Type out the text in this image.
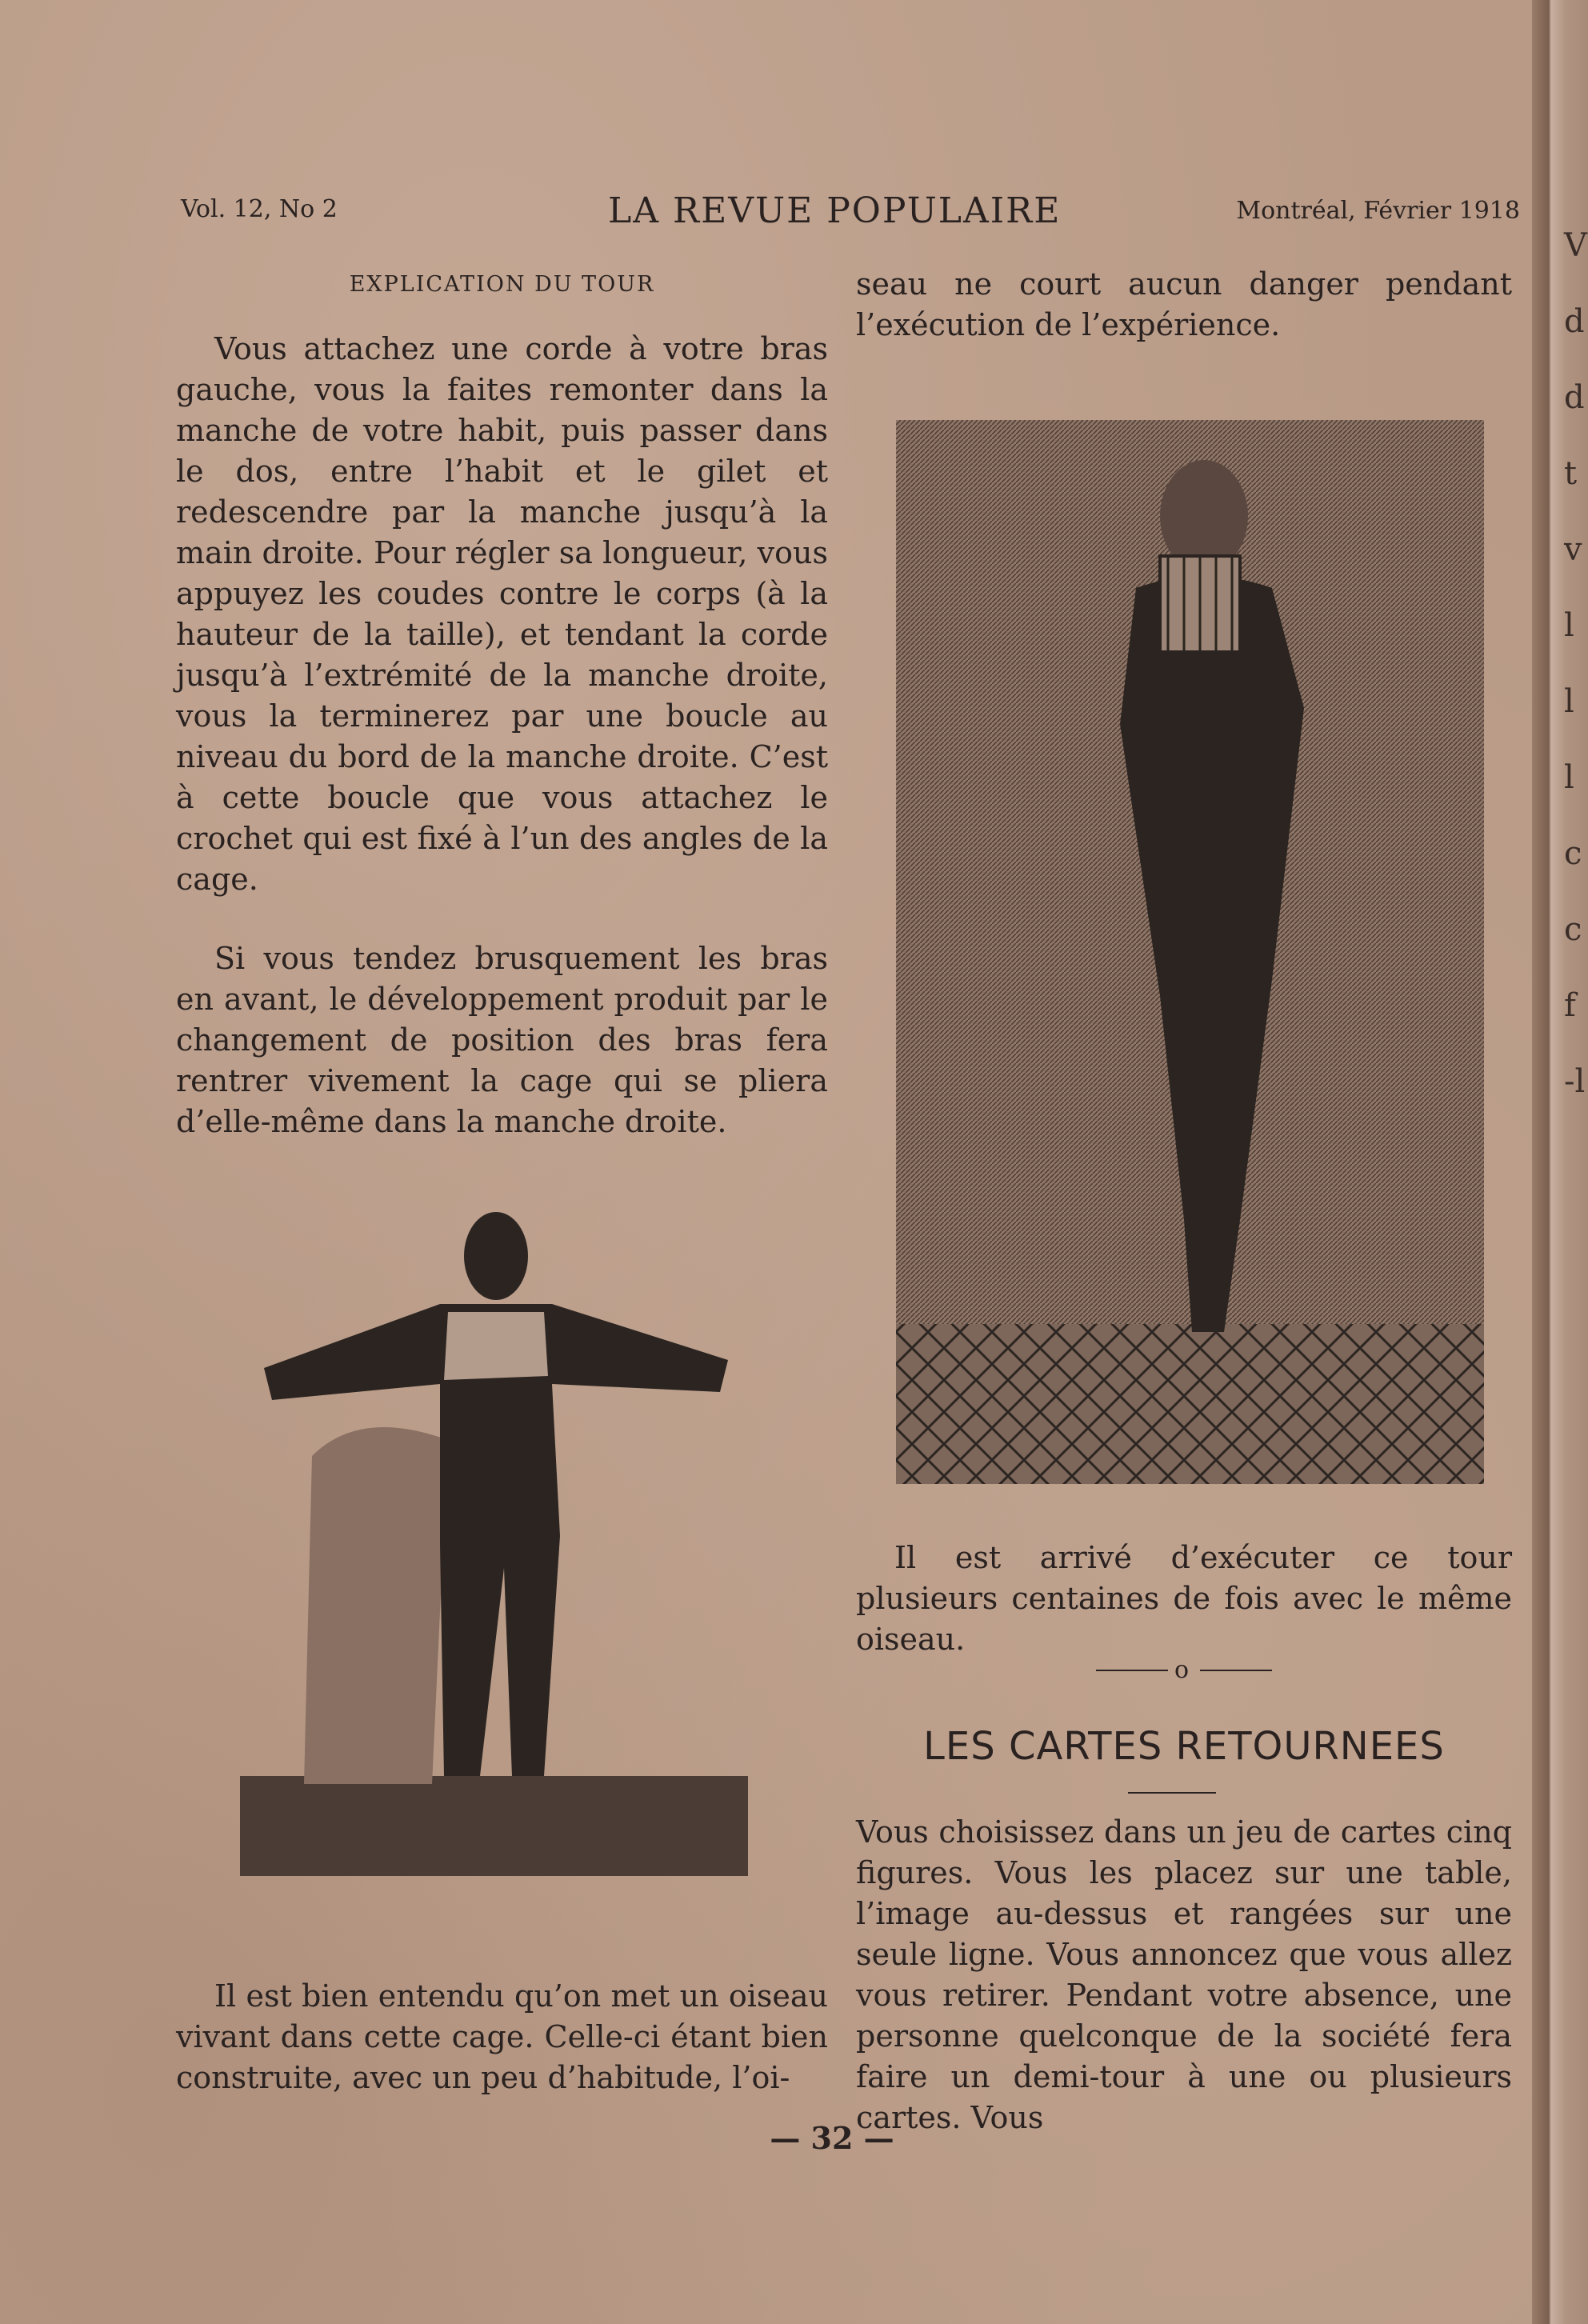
V
d
d
t
v
l
l
l
c
c
f
-l
Vol. 12, No 2	LA REVUE POPULAIRE	Montréal, Février 1918

EXPLICATION DU TOUR

Vous attachez une corde à votre bras gauche, vous la faites remonter dans la manche de votre habit, puis passer dans le dos, entre l’habit et le gilet et redescendre par la manche jusqu’à la main droite. Pour régler sa longueur, vous appuyez les coudes contre le corps (à la hauteur de la taille), et tendant la corde jusqu’à l’extrémité de la manche droite, vous la terminerez par une boucle au niveau du bord de la manche droite. C’est à cette boucle que vous attachez le crochet qui est fixé à l’un des angles de la cage.

Si vous tendez brusquement les bras en avant, le développement produit par le changement de position des bras fera rentrer vivement la cage qui se pliera d’elle-même dans la manche droite.

seau ne court aucun danger pendant l’exécution de l’expérience.

Il est arrivé d’exécuter ce tour plusieurs centaines de fois avec le même oiseau.

o
LES CARTES RETOURNEES

Vous choisissez dans un jeu de cartes cinq figures. Vous les placez sur une table, l’image au-dessus et rangées sur une seule ligne. Vous annoncez que vous allez vous retirer. Pendant votre absence, une personne quelconque de la société fera faire un demi-tour à une ou plusieurs cartes. Vous

Il est bien entendu qu’on met un oiseau vivant dans cette cage. Celle-ci étant bien construite, avec un peu d’habitude, l’oi-

— 32 —
